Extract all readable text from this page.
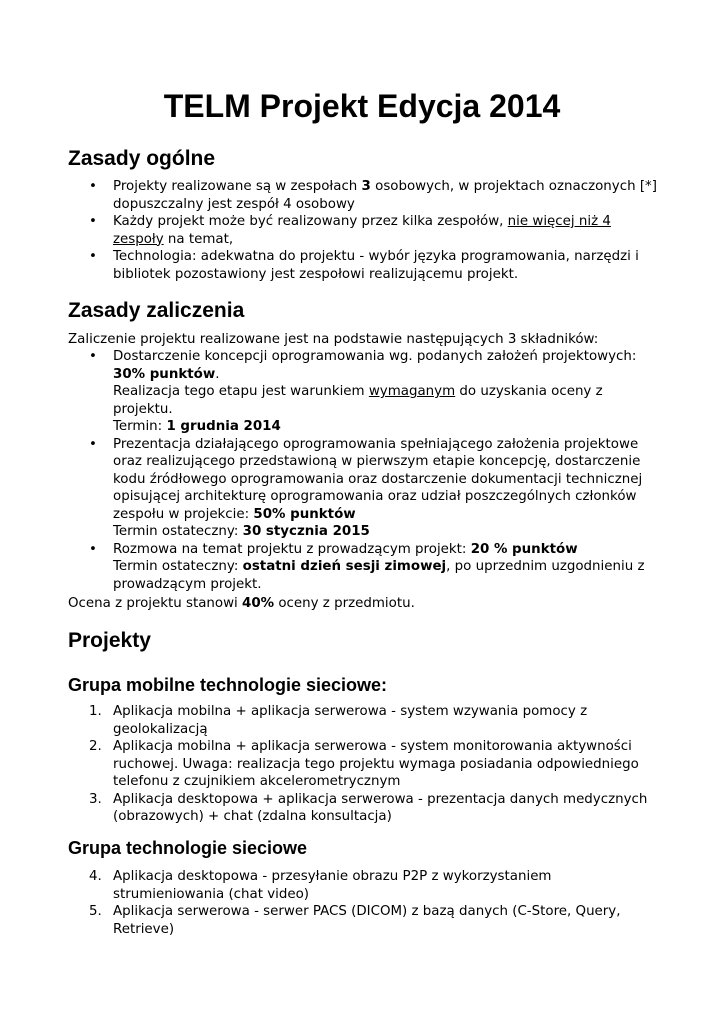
TELM Projekt Edycja 2014
Zasady ogólne
• Projekty realizowane są w zespołach 3 osobowych, w projektach oznaczonych [*] dopuszczalny jest zespół 4 osobowy
• Każdy projekt może być realizowany przez kilka zespołów, nie więcej niż 4 zespoły na temat,
• Technologia: adekwatna do projektu - wybór języka programowania, narzędzi i bibliotek pozostawiony jest zespołowi realizującemu projekt.
Zasady zaliczenia

Zaliczenie projektu realizowane jest na podstawie następujących 3 składników:

• Dostarczenie koncepcji oprogramowania wg. podanych założeń projektowych: 30% punktów.
Realizacja tego etapu jest warunkiem wymaganym do uzyskania oceny z projektu.
Termin: 1 grudnia 2014
• Prezentacja działającego oprogramowania spełniającego założenia projektowe oraz realizującego przedstawioną w pierwszym etapie koncepcję, dostarczenie kodu źródłowego oprogramowania oraz dostarczenie dokumentacji technicznej opisującej architekturę oprogramowania oraz udział poszczególnych członków zespołu w projekcie: 50% punktów
Termin ostateczny: 30 stycznia 2015
• Rozmowa na temat projektu z prowadzącym projekt: 20 % punktów
Termin ostateczny: ostatni dzień sesji zimowej, po uprzednim uzgodnieniu z prowadzącym projekt.

Ocena z projektu stanowi 40% oceny z przedmiotu.

Projekty
Grupa mobilne technologie sieciowe:
1. Aplikacja mobilna + aplikacja serwerowa - system wzywania pomocy z geolokalizacją
2. Aplikacja mobilna + aplikacja serwerowa - system monitorowania aktywności ruchowej. Uwaga: realizacja tego projektu wymaga posiadania odpowiedniego telefonu z czujnikiem akcelerometrycznym
3. Aplikacja desktopowa + aplikacja serwerowa - prezentacja danych medycznych (obrazowych) + chat (zdalna konsultacja)
Grupa technologie sieciowe
4. Aplikacja desktopowa - przesyłanie obrazu P2P z wykorzystaniem strumieniowania (chat video)
5. Aplikacja serwerowa - serwer PACS (DICOM) z bazą danych (C-Store, Query, Retrieve)
